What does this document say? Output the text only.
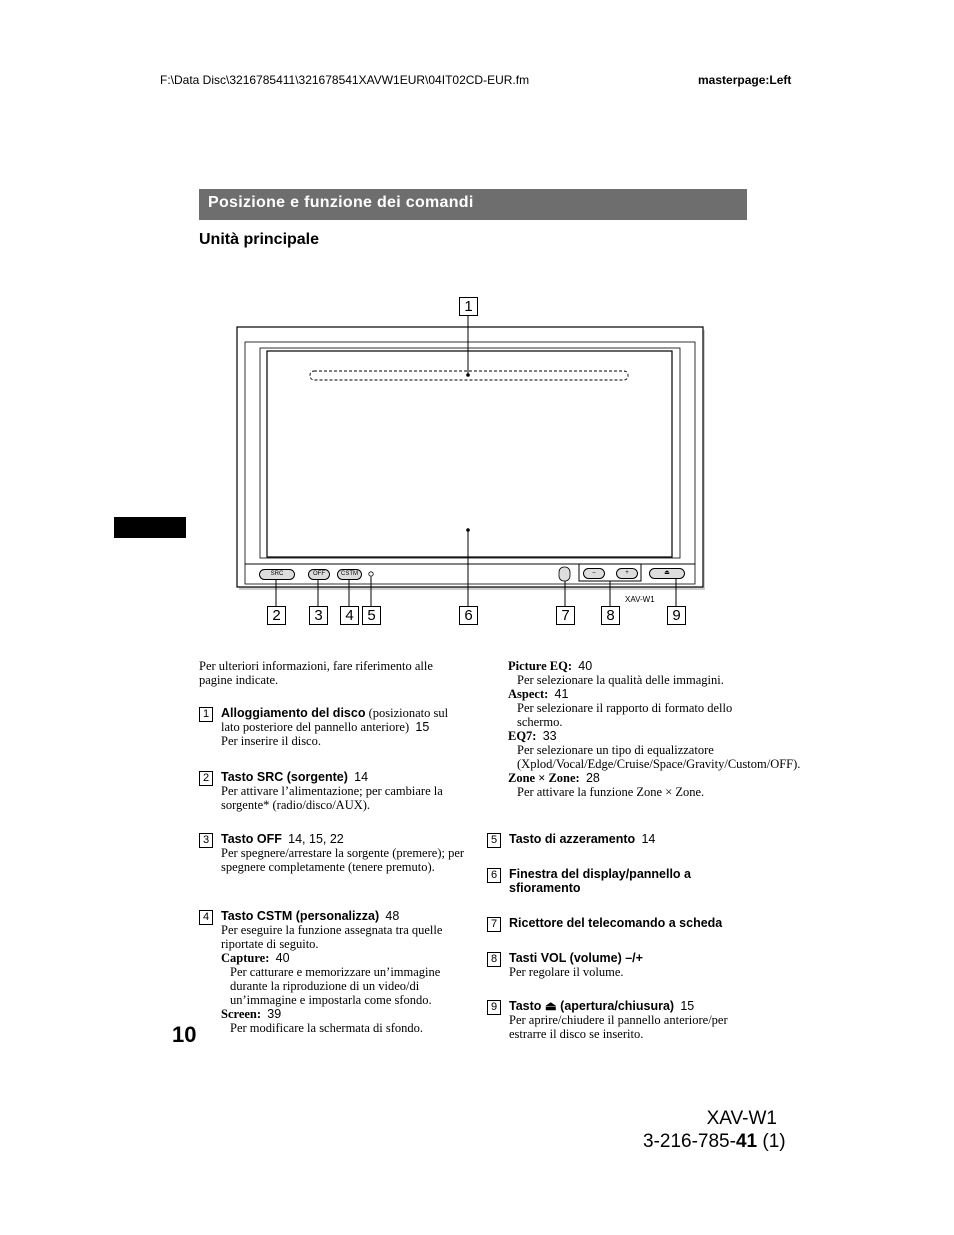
F:\Data Disc\3216785411\321678541XAVW1EUR\04IT02CD-EUR.fm	masterpage:Left
Posizione e funzione dei comandi
Unità principale
SRC	OFF	CSTM	–	+	⏏
XAV-W1
1
2	3	4 5	6	7	8	9
Per ulteriori informazioni, fare riferimento alle pagine indicate.
1 Alloggiamento del disco (posizionato sul lato posteriore del pannello anteriore) 15
Per inserire il disco.
2 Tasto SRC (sorgente) 14
Per attivare l’alimentazione; per cambiare la sorgente* (radio/disco/AUX).
3 Tasto OFF 14, 15, 22
Per spegnere/arrestare la sorgente (premere); per spegnere completamente (tenere premuto).
4 Tasto CSTM (personalizza) 48
Per eseguire la funzione assegnata tra quelle riportate di seguito.
Capture: 40
Per catturare e memorizzare un’immagine durante la riproduzione di un video/di un’immagine e impostarla come sfondo.
Screen: 39
Per modificare la schermata di sfondo.
Picture EQ: 40
Per selezionare la qualità delle immagini.
Aspect: 41
Per selezionare il rapporto di formato dello schermo.
EQ7: 33
Per selezionare un tipo di equalizzatore (Xplod/Vocal/Edge/Cruise/Space/Gravity/Custom/OFF).
Zone × Zone: 28
Per attivare la funzione Zone × Zone.
5 Tasto di azzeramento 14
6 Finestra del display/pannello a sfioramento
7 Ricettore del telecomando a scheda
8 Tasti VOL (volume) –/+
Per regolare il volume.
9 Tasto ⏏ (apertura/chiusura) 15
Per aprire/chiudere il pannello anteriore/per estrarre il disco se inserito.
10
XAV-W1
3-216-785-41 (1)
